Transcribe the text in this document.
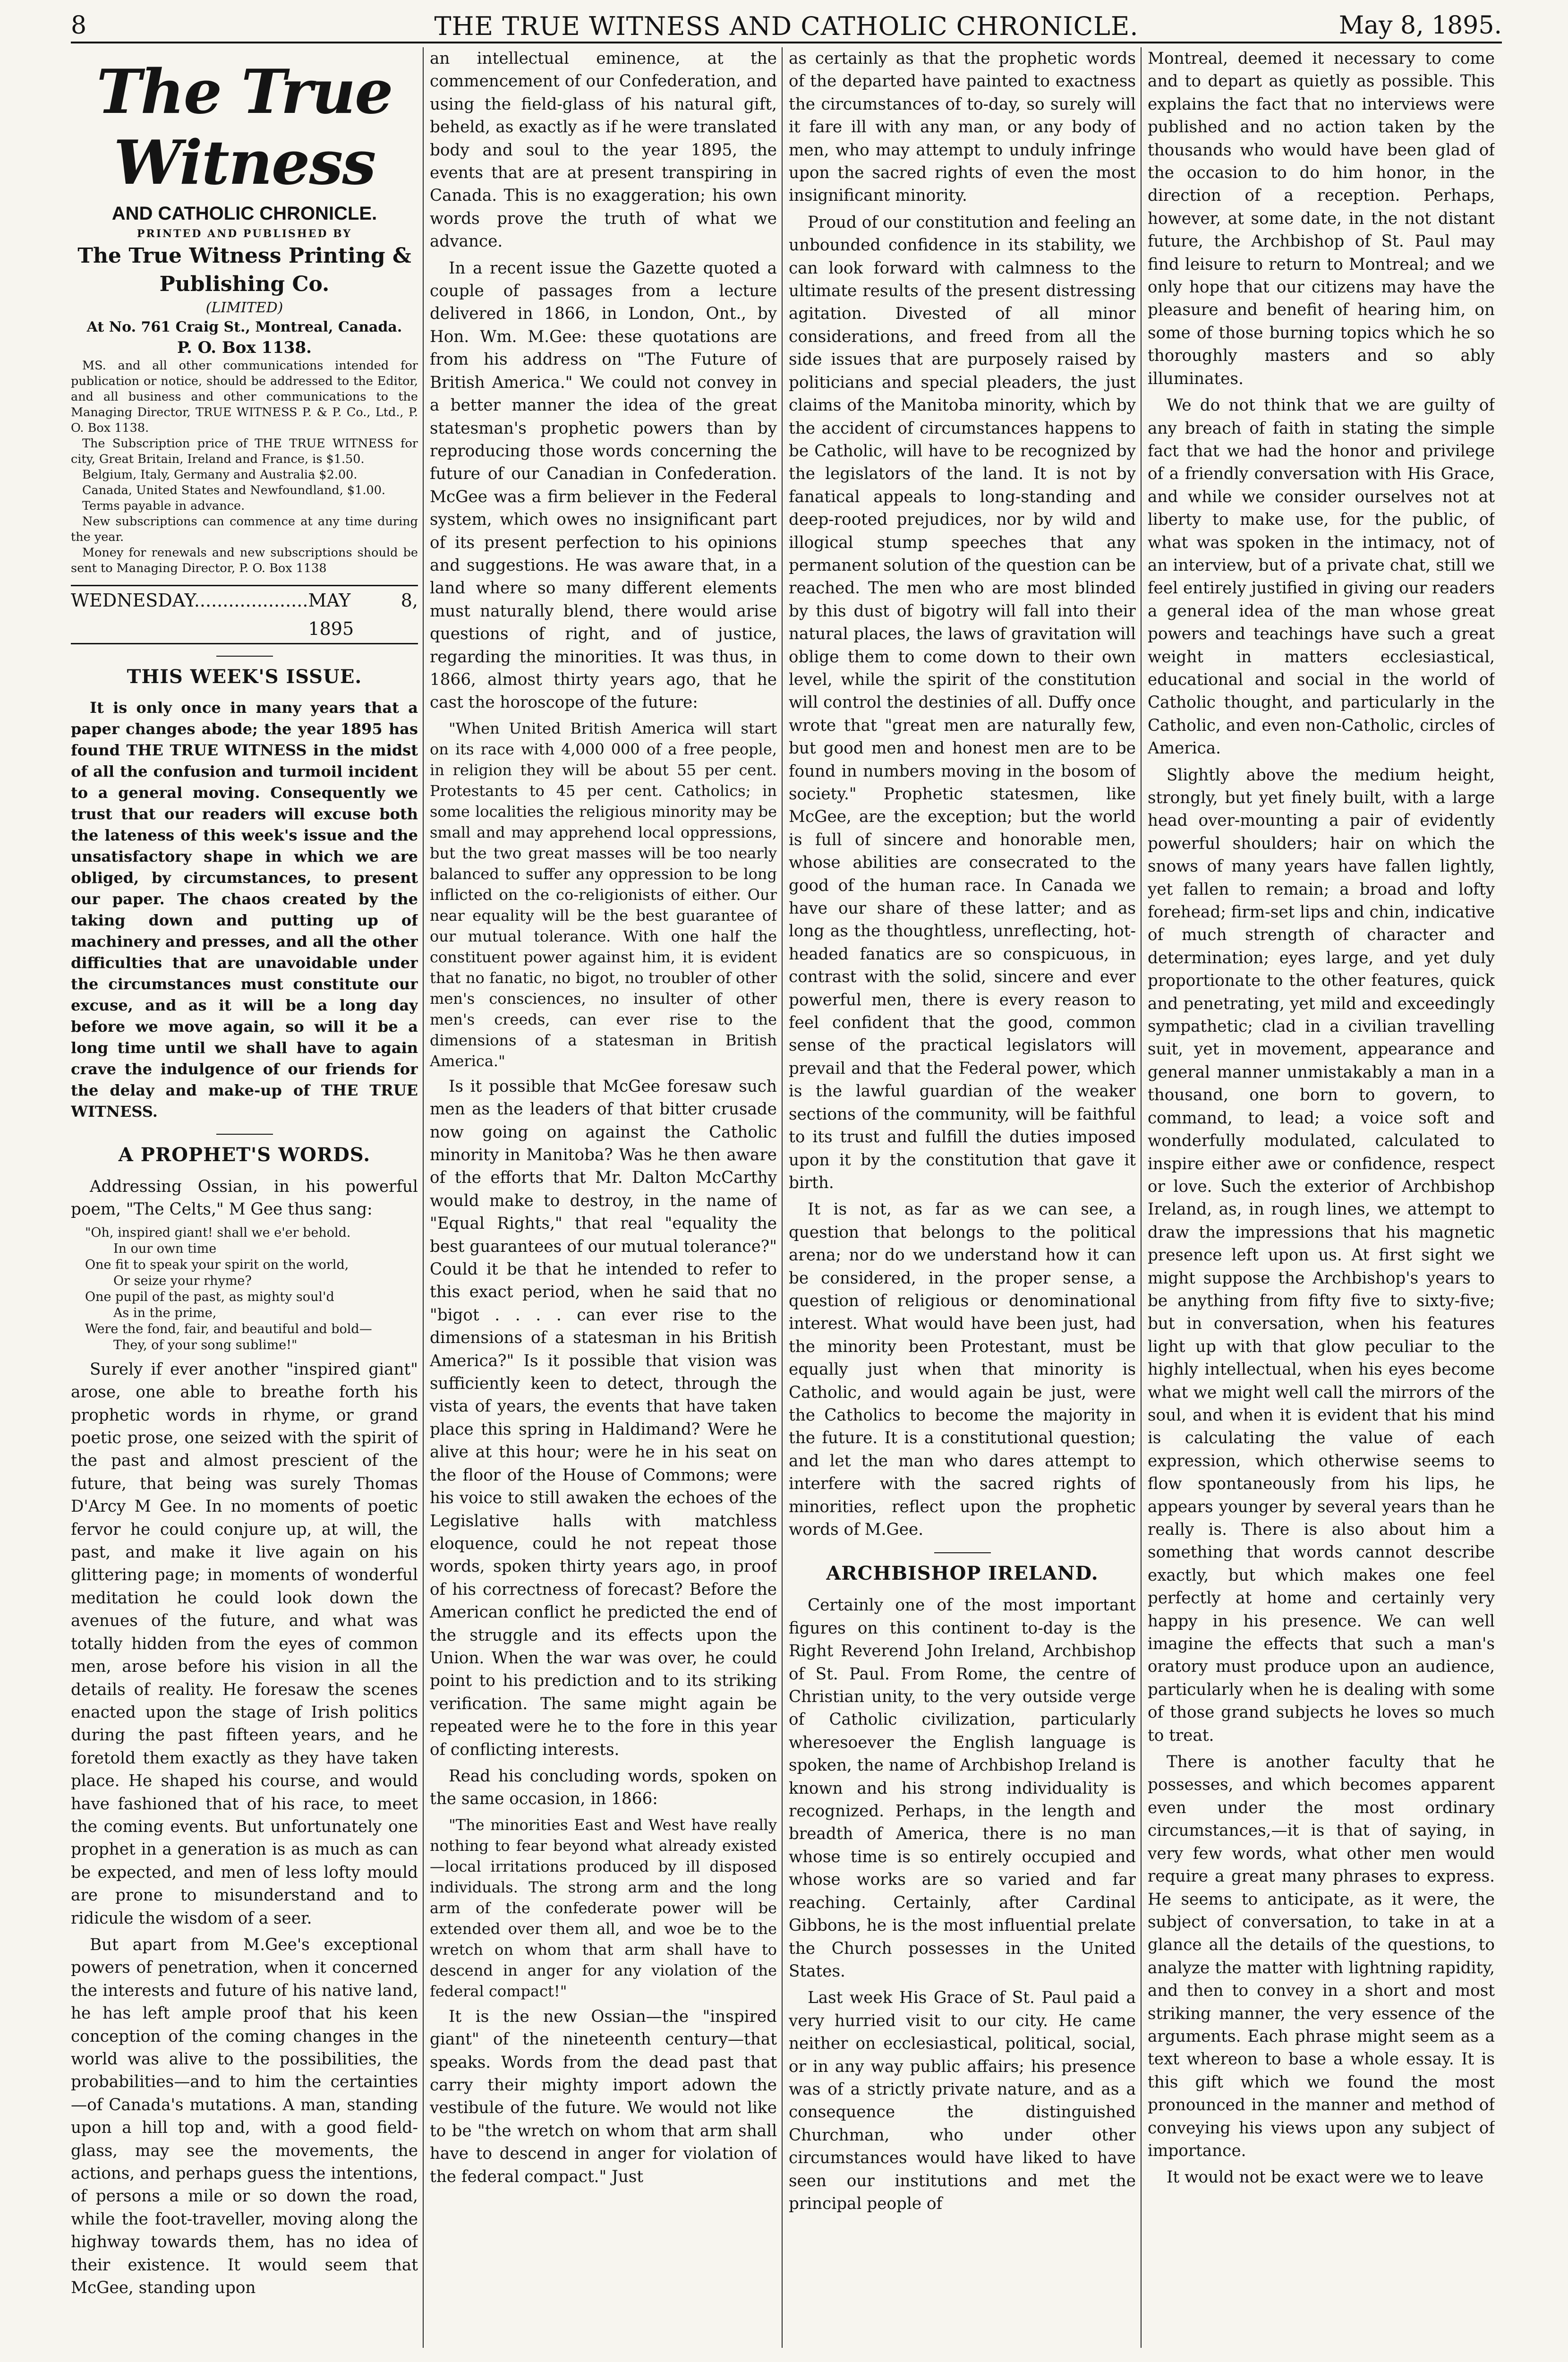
8	THE TRUE WITNESS AND CATHOLIC CHRONICLE.	May 8, 1895.
The True Witness
AND CATHOLIC CHRONICLE.
PRINTED AND PUBLISHED BY
The True Witness Printing & Publishing Co.
(LIMITED)
At No. 761 Craig St., Montreal, Canada.
P. O. Box 1138.

MS. and all other communications intended for publication or notice, should be addressed to the Editor, and all business and other communications to the Managing Director, TRUE WITNESS P. & P. Co., Ltd., P. O. Box 1138.

The Subscription price of THE TRUE WITNESS for city, Great Britain, Ireland and France, is $1.50.

Belgium, Italy, Germany and Australia $2.00.

Canada, United States and Newfoundland, $1.00.

Terms payable in advance.

New subscriptions can commence at any time during the year.

Money for renewals and new subscriptions should be sent to Managing Director, P. O. Box 1138

WEDNESDAY.................... MAY 8, 1895
THIS WEEK'S ISSUE.

It is only once in many years that a paper changes abode; the year 1895 has found THE TRUE WITNESS in the midst of all the confusion and turmoil incident to a general moving. Consequently we trust that our readers will excuse both the lateness of this week's issue and the unsatisfactory shape in which we are obliged, by circumstances, to present our paper. The chaos created by the taking down and putting up of machinery and presses, and all the other difficulties that are unavoidable under the circumstances must constitute our excuse, and as it will be a long day before we move again, so will it be a long time until we shall have to again crave the indulgence of our friends for the delay and make-up of THE TRUE WITNESS.

A PROPHET'S WORDS.

Addressing Ossian, in his powerful poem, "The Celts," M Gee thus sang:

"Oh, inspired giant! shall we e'er behold.
In our own time
One fit to speak your spirit on the world,
Or seize your rhyme?
One pupil of the past, as mighty soul'd
As in the prime,
Were the fond, fair, and beautiful and bold—
They, of your song sublime!"

Surely if ever another "inspired giant" arose, one able to breathe forth his prophetic words in rhyme, or grand poetic prose, one seized with the spirit of the past and almost prescient of the future, that being was surely Thomas D'Arcy M Gee. In no moments of poetic fervor he could conjure up, at will, the past, and make it live again on his glittering page; in moments of wonderful meditation he could look down the avenues of the future, and what was totally hidden from the eyes of common men, arose before his vision in all the details of reality. He foresaw the scenes enacted upon the stage of Irish politics during the past fifteen years, and he foretold them exactly as they have taken place. He shaped his course, and would have fashioned that of his race, to meet the coming events. But unfortunately one prophet in a generation is as much as can be expected, and men of less lofty mould are prone to misunderstand and to ridicule the wisdom of a seer.

But apart from M.Gee's exceptional powers of penetration, when it concerned the interests and future of his native land, he has left ample proof that his keen conception of the coming changes in the world was alive to the possibilities, the probabilities—and to him the certainties—of Canada's mutations. A man, standing upon a hill top and, with a good field-glass, may see the movements, the actions, and perhaps guess the intentions, of persons a mile or so down the road, while the foot-traveller, moving along the highway towards them, has no idea of their existence. It would seem that McGee, standing upon

an intellectual eminence, at the commencement of our Confederation, and using the field-glass of his natural gift, beheld, as exactly as if he were translated body and soul to the year 1895, the events that are at present transpiring in Canada. This is no exaggeration; his own words prove the truth of what we advance.

In a recent issue the Gazette quoted a couple of passages from a lecture delivered in 1866, in London, Ont., by Hon. Wm. M.Gee: these quotations are from his address on "The Future of British America." We could not convey in a better manner the idea of the great statesman's prophetic powers than by reproducing those words concerning the future of our Canadian in Confederation. McGee was a firm believer in the Federal system, which owes no insignificant part of its present perfection to his opinions and suggestions. He was aware that, in a land where so many different elements must naturally blend, there would arise questions of right, and of justice, regarding the minorities. It was thus, in 1866, almost thirty years ago, that he cast the horoscope of the future:

"When United British America will start on its race with 4,000 000 of a free people, in religion they will be about 55 per cent. Protestants to 45 per cent. Catholics; in some localities the religious minority may be small and may apprehend local oppressions, but the two great masses will be too nearly balanced to suffer any oppression to be long inflicted on the co-religionists of either. Our near equality will be the best guarantee of our mutual tolerance. With one half the constituent power against him, it is evident that no fanatic, no bigot, no troubler of other men's consciences, no insulter of other men's creeds, can ever rise to the dimensions of a statesman in British America."

Is it possible that McGee foresaw such men as the leaders of that bitter crusade now going on against the Catholic minority in Manitoba? Was he then aware of the efforts that Mr. Dalton McCarthy would make to destroy, in the name of "Equal Rights," that real "equality the best guarantees of our mutual tolerance?" Could it be that he intended to refer to this exact period, when he said that no "bigot . . . . can ever rise to the dimensions of a statesman in his British America?" Is it possible that vision was sufficiently keen to detect, through the vista of years, the events that have taken place this spring in Haldimand? Were he alive at this hour; were he in his seat on the floor of the House of Commons; were his voice to still awaken the echoes of the Legislative halls with matchless eloquence, could he not repeat those words, spoken thirty years ago, in proof of his correctness of forecast? Before the American conflict he predicted the end of the struggle and its effects upon the Union. When the war was over, he could point to his prediction and to its striking verification. The same might again be repeated were he to the fore in this year of conflicting interests.

Read his concluding words, spoken on the same occasion, in 1866:

"The minorities East and West have really nothing to fear beyond what already existed—local irritations produced by ill disposed individuals. The strong arm and the long arm of the confederate power will be extended over them all, and woe be to the wretch on whom that arm shall have to descend in anger for any violation of the federal compact!"

It is the new Ossian—the "inspired giant" of the nineteenth century—that speaks. Words from the dead past that carry their mighty import adown the vestibule of the future. We would not like to be "the wretch on whom that arm shall have to descend in anger for violation of the federal compact." Just

as certainly as that the prophetic words of the departed have painted to exactness the circumstances of to-day, so surely will it fare ill with any man, or any body of men, who may attempt to unduly infringe upon the sacred rights of even the most insignificant minority.

Proud of our constitution and feeling an unbounded confidence in its stability, we can look forward with calmness to the ultimate results of the present distressing agitation. Divested of all minor considerations, and freed from all the side issues that are purposely raised by politicians and special pleaders, the just claims of the Manitoba minority, which by the accident of circumstances happens to be Catholic, will have to be recognized by the legislators of the land. It is not by fanatical appeals to long-standing and deep-rooted prejudices, nor by wild and illogical stump speeches that any permanent solution of the question can be reached. The men who are most blinded by this dust of bigotry will fall into their natural places, the laws of gravitation will oblige them to come down to their own level, while the spirit of the constitution will control the destinies of all. Duffy once wrote that "great men are naturally few, but good men and honest men are to be found in numbers moving in the bosom of society." Prophetic statesmen, like McGee, are the exception; but the world is full of sincere and honorable men, whose abilities are consecrated to the good of the human race. In Canada we have our share of these latter; and as long as the thoughtless, unreflecting, hot-headed fanatics are so conspicuous, in contrast with the solid, sincere and ever powerful men, there is every reason to feel confident that the good, common sense of the practical legislators will prevail and that the Federal power, which is the lawful guardian of the weaker sections of the community, will be faithful to its trust and fulfill the duties imposed upon it by the constitution that gave it birth.

It is not, as far as we can see, a question that belongs to the political arena; nor do we understand how it can be considered, in the proper sense, a question of religious or denominational interest. What would have been just, had the minority been Protestant, must be equally just when that minority is Catholic, and would again be just, were the Catholics to become the majority in the future. It is a constitutional question; and let the man who dares attempt to interfere with the sacred rights of minorities, reflect upon the prophetic words of M.Gee.

ARCHBISHOP IRELAND.

Certainly one of the most important figures on this continent to-day is the Right Reverend John Ireland, Archbishop of St. Paul. From Rome, the centre of Christian unity, to the very outside verge of Catholic civilization, particularly wheresoever the English language is spoken, the name of Archbishop Ireland is known and his strong individuality is recognized. Perhaps, in the length and breadth of America, there is no man whose time is so entirely occupied and whose works are so varied and far reaching. Certainly, after Cardinal Gibbons, he is the most influential prelate the Church possesses in the United States.

Last week His Grace of St. Paul paid a very hurried visit to our city. He came neither on ecclesiastical, political, social, or in any way public affairs; his presence was of a strictly private nature, and as a consequence the distinguished Churchman, who under other circumstances would have liked to have seen our institutions and met the principal people of

Montreal, deemed it necessary to come and to depart as quietly as possible. This explains the fact that no interviews were published and no action taken by the thousands who would have been glad of the occasion to do him honor, in the direction of a reception. Perhaps, however, at some date, in the not distant future, the Archbishop of St. Paul may find leisure to return to Montreal; and we only hope that our citizens may have the pleasure and benefit of hearing him, on some of those burning topics which he so thoroughly masters and so ably illuminates.

We do not think that we are guilty of any breach of faith in stating the simple fact that we had the honor and privilege of a friendly conversation with His Grace, and while we consider ourselves not at liberty to make use, for the public, of what was spoken in the intimacy, not of an interview, but of a private chat, still we feel entirely justified in giving our readers a general idea of the man whose great powers and teachings have such a great weight in matters ecclesiastical, educational and social in the world of Catholic thought, and particularly in the Catholic, and even non-Catholic, circles of America.

Slightly above the medium height, strongly, but yet finely built, with a large head over-mounting a pair of evidently powerful shoulders; hair on which the snows of many years have fallen lightly, yet fallen to remain; a broad and lofty forehead; firm-set lips and chin, indicative of much strength of character and determination; eyes large, and yet duly proportionate to the other features, quick and penetrating, yet mild and exceedingly sympathetic; clad in a civilian travelling suit, yet in movement, appearance and general manner unmistakably a man in a thousand, one born to govern, to command, to lead; a voice soft and wonderfully modulated, calculated to inspire either awe or confidence, respect or love. Such the exterior of Archbishop Ireland, as, in rough lines, we attempt to draw the impressions that his magnetic presence left upon us. At first sight we might suppose the Archbishop's years to be anything from fifty five to sixty-five; but in conversation, when his features light up with that glow peculiar to the highly intellectual, when his eyes become what we might well call the mirrors of the soul, and when it is evident that his mind is calculating the value of each expression, which otherwise seems to flow spontaneously from his lips, he appears younger by several years than he really is. There is also about him a something that words cannot describe exactly, but which makes one feel perfectly at home and certainly very happy in his presence. We can well imagine the effects that such a man's oratory must produce upon an audience, particularly when he is dealing with some of those grand subjects he loves so much to treat.

There is another faculty that he possesses, and which becomes apparent even under the most ordinary circumstances,—it is that of saying, in very few words, what other men would require a great many phrases to express. He seems to anticipate, as it were, the subject of conversation, to take in at a glance all the details of the questions, to analyze the matter with lightning rapidity, and then to convey in a short and most striking manner, the very essence of the arguments. Each phrase might seem as a text whereon to base a whole essay. It is this gift which we found the most pronounced in the manner and method of conveying his views upon any subject of importance.

It would not be exact were we to leave
